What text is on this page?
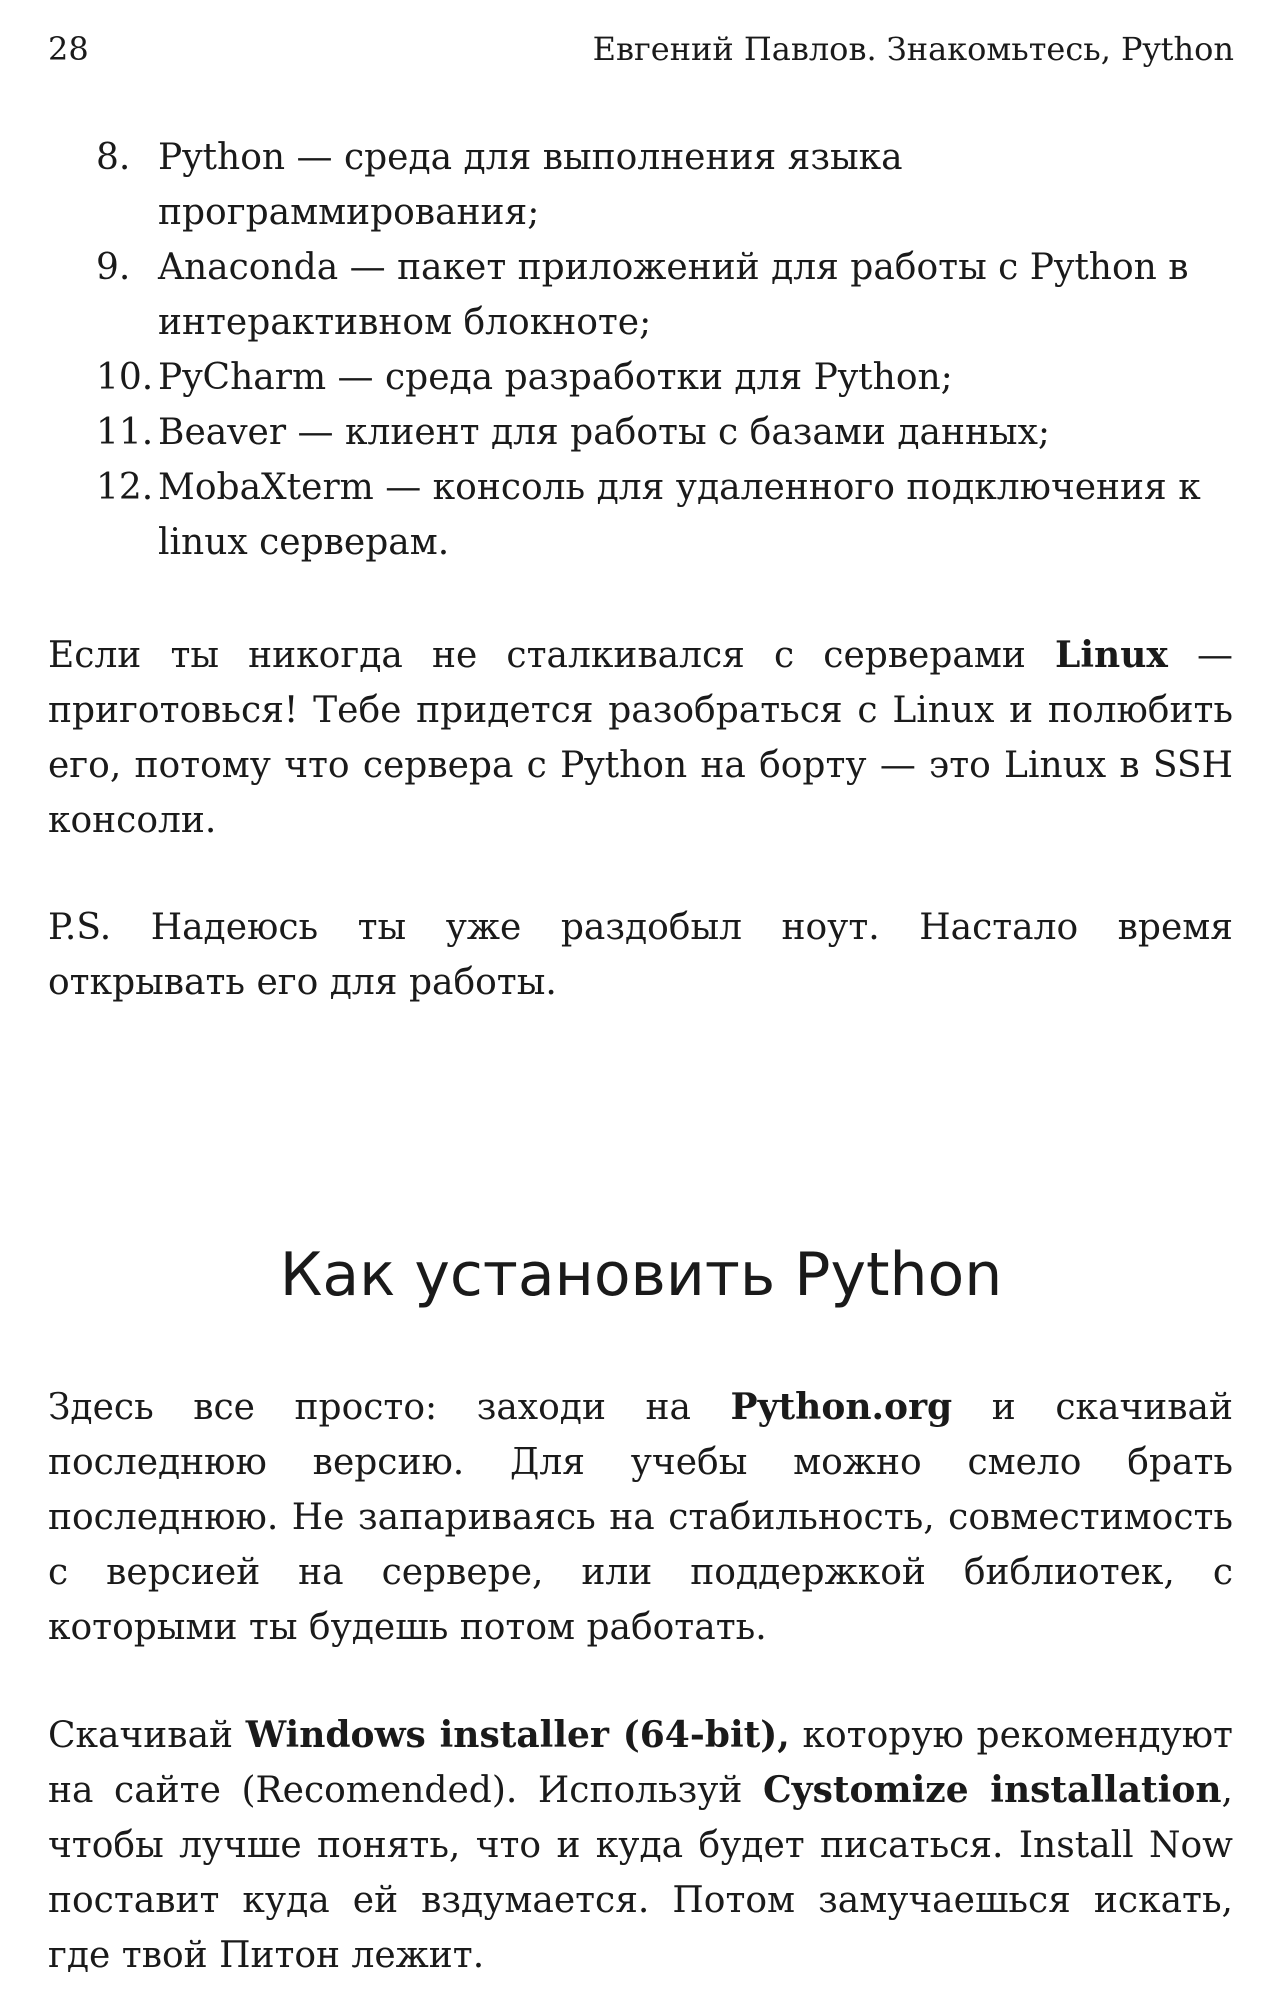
28	Евгений Павлов. Знакомьтесь, Python
8. Python — среда для выполнения языка программирования;
9. Anaconda — пакет приложений для работы с Python в интерактивном блокноте;
10. PyCharm — среда разработки для Python;
11. Beaver — клиент для работы с базами данных;
12. MobaXterm — консоль для удаленного подключения к linux серверам.

Если ты никогда не сталкивался с серверами Linux — приготовься! Тебе придется разобраться с Linux и полюбить его, потому что сервера с Python на борту — это Linux в SSH консоли.

P.S. Надеюсь ты уже раздобыл ноут. Настало время открывать его для работы.

Как установить Python

Здесь все просто: заходи на Python.org и скачивай последнюю версию. Для учебы можно смело брать последнюю. Не запариваясь на стабильность, совместимость с версией на сервере, или поддержкой библиотек, с которыми ты будешь потом работать.

Скачивай Windows installer (64-bit), которую рекомендуют на сайте (Recomended). Используй Cystomize installation, чтобы лучше понять, что и куда будет писаться. Install Now поставит куда ей вздумается. Потом замучаешься искать, где твой Питон лежит.
